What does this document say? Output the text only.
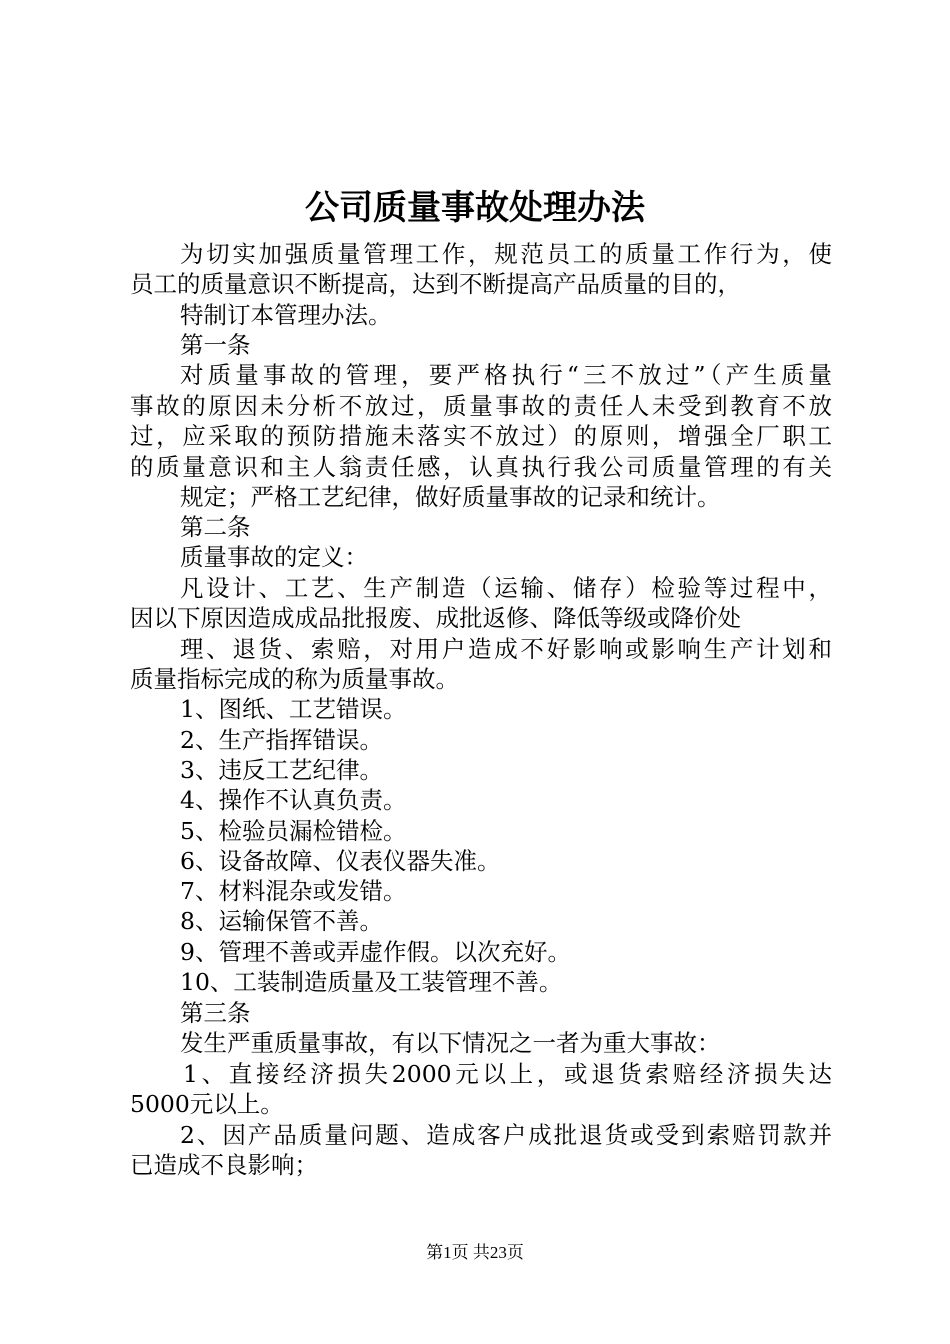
公司质量事故处理办法

为切实加强质量管理工作，规范员工的质量工作行为，使

员工的质量意识不断提高，达到不断提高产品质量的目的，

特制订本管理办法。

第一条

对质量事故的管理，要严格执行“三不放过”（产生质量

事故的原因未分析不放过，质量事故的责任人未受到教育不放

过，应采取的预防措施未落实不放过）的原则，增强全厂职工

的质量意识和主人翁责任感，认真执行我公司质量管理的有关

规定；严格工艺纪律，做好质量事故的记录和统计。

第二条

质量事故的定义：

凡设计、工艺、生产制造（运输、储存）检验等过程中，

因以下原因造成成品批报废、成批返修、降低等级或降价处

理、退货、索赔，对用户造成不好影响或影响生产计划和

质量指标完成的称为质量事故。

1、图纸、工艺错误。

2、生产指挥错误。

3、违反工艺纪律。

4、操作不认真负责。

5、检验员漏检错检。

6、设备故障、仪表仪器失准。

7、材料混杂或发错。

8、运输保管不善。

9、管理不善或弄虚作假。以次充好。

10、工装制造质量及工装管理不善。

第三条

发生严重质量事故，有以下情况之一者为重大事故：

1、直接经济损失2000元以上，或退货索赔经济损失达

5000元以上。

2、因产品质量问题、造成客户成批退货或受到索赔罚款并

已造成不良影响；

第1页 共23页
